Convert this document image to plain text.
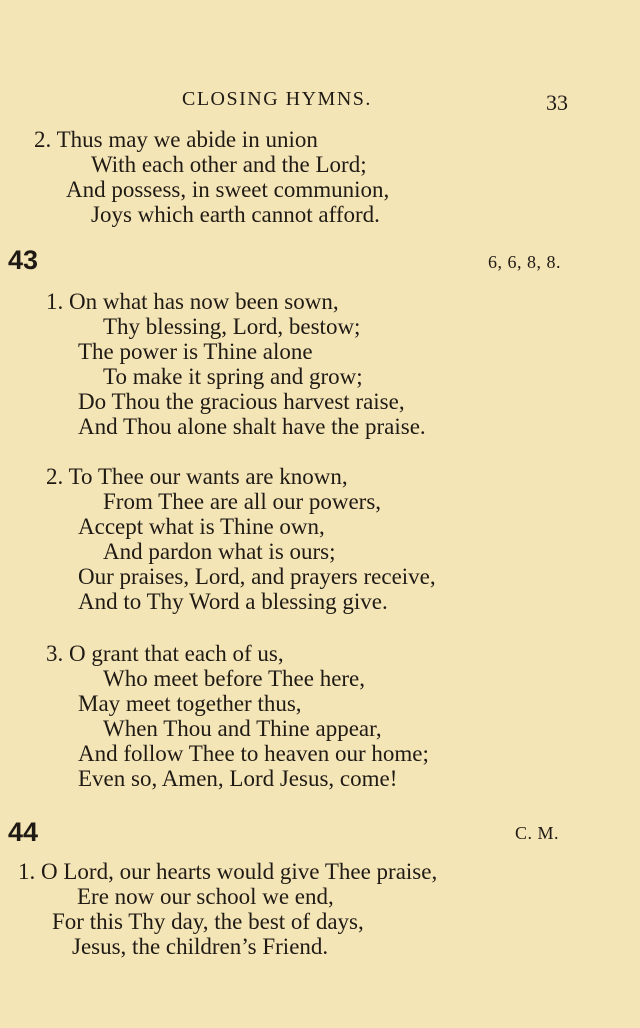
CLOSING HYMNS.	33
2. Thus may we abide in union
With each other and the Lord;
And possess, in sweet communion,
Joys which earth cannot afford.
43	6, 6, 8, 8.
1. On what has now been sown,
Thy blessing, Lord, bestow;
The power is Thine alone
To make it spring and grow;
Do Thou the gracious harvest raise,
And Thou alone shalt have the praise.
2. To Thee our wants are known,
From Thee are all our powers,
Accept what is Thine own,
And pardon what is ours;
Our praises, Lord, and prayers receive,
And to Thy Word a blessing give.
3. O grant that each of us,
Who meet before Thee here,
May meet together thus,
When Thou and Thine appear,
And follow Thee to heaven our home;
Even so, Amen, Lord Jesus, come!
44	C. M.
1. O Lord, our hearts would give Thee praise,
Ere now our school we end,
For this Thy day, the best of days,
Jesus, the children’s Friend.
